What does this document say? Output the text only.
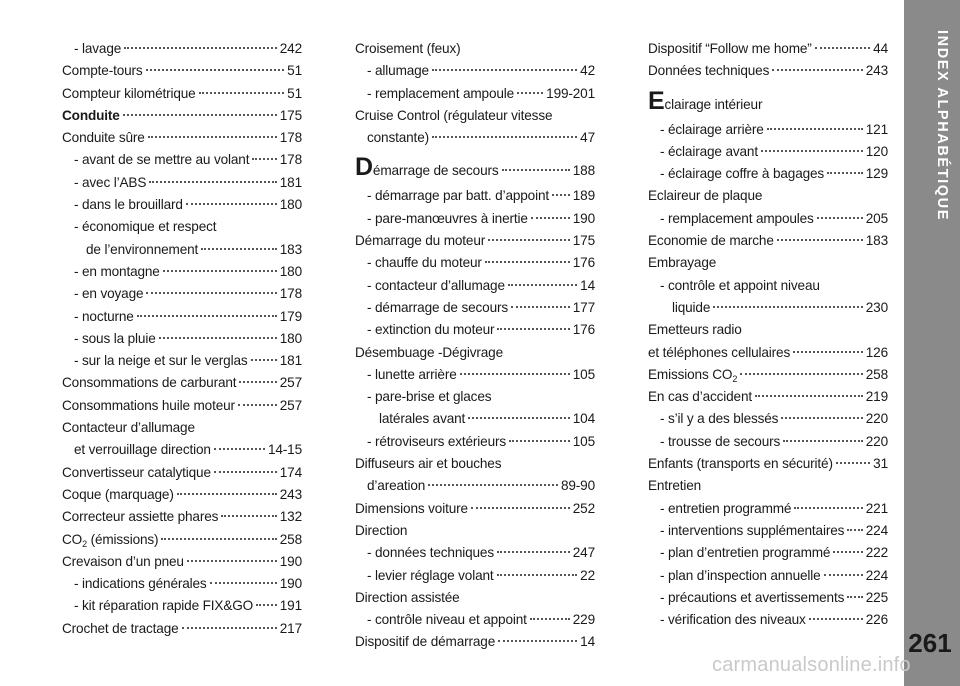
- lavage	242
Compte-tours	51
Compteur kilométrique	51
Conduite	175
Conduite sûre	178
- avant de se mettre au volant 178
- avec l’ABS	181
- dans le brouillard	180
- économique et respect
de l’environnement	183
- en montagne	180
- en voyage	178
- nocturne	179
- sous la pluie	180
- sur la neige et sur le verglas 181
Consommations de carburant	257
Consommations huile moteur	257
Contacteur d’allumage
et verrouillage direction	14-15
Convertisseur catalytique	174
Coque (marquage)	243
Correcteur assiette phares	132
$CO_2$ (émissions)	258
Crevaison d’un pneu	190
- indications générales	190
- kit réparation rapide FIX&GO 191
Crochet de tractage	217
Croisement (feux)
- allumage	42
- remplacement ampoule 199-201
Cruise Control (régulateur vitesse
constante)	47
Démarrage de secours	188
- démarrage par batt. d’appoint 189
- pare-manœuvres à inertie	190
Démarrage du moteur	175
- chauffe du moteur	176
- contacteur d’allumage	14
- démarrage de secours	177
- extinction du moteur	176
Désembuage -Dégivrage
- lunette arrière	105
- pare-brise et glaces
latérales avant	104
- rétroviseurs extérieurs	105
Diffuseurs air et bouches
d’areation	89-90
Dimensions voiture	252
Direction
- données techniques	247
- levier réglage volant	22
Direction assistée
- contrôle niveau et appoint	229
Dispositif de démarrage	14
Dispositif “Follow me home”	44
Données techniques	243
Eclairage intérieur
- éclairage arrière	121
- éclairage avant	120
- éclairage coffre à bagages	129
Eclaireur de plaque
- remplacement ampoules	205
Economie de marche	183
Embrayage
- contrôle et appoint niveau
liquide	230
Emetteurs radio
et téléphones cellulaires	126
Emissions $CO_2$	258
En cas d’accident	219
- s’il y a des blessés	220
- trousse de secours	220
Enfants (transports en sécurité)	31
Entretien
- entretien programmé	221
- interventions supplémentaires 224
- plan d’entretien programmé	222
- plan d’inspection annuelle	224
- précautions et avertissements 225
- vérification des niveaux	226
INDEX ALPHABÉTIQUE
261
carmanualsonline.info
